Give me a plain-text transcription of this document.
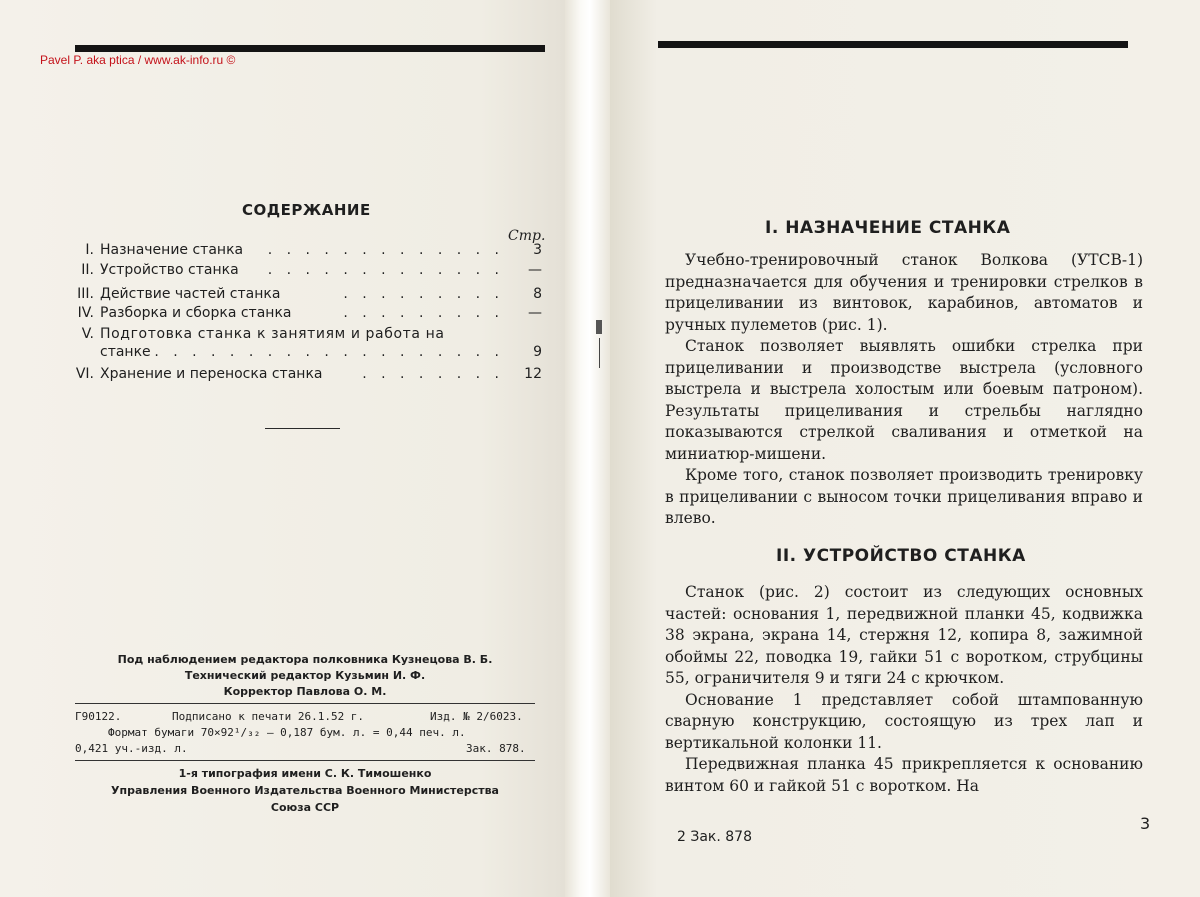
Pavel P. aka ptica / www.ak-info.ru ©
СОДЕРЖАНИЕ
Стр.
I. Назначение станка . . . . . . . . . . . . . 3
II. Устройство станка . . . . . . . . . . . . . —
III. Действие частей станка	. . . . . . . . . 8
IV. Разборка и сборка станка	. . . . . . . . . —
V. Подготовка станка к занятиям и работа на
станке . . . . . . . . . . . . . . . . . . . 9
VI. Хранение и переноска станка	. . . . . . . . 12
Под наблюдением редактора полковника Кузнецова В. Б.
Технический редактор Кузьмин И. Ф.
Корректор Павлова О. М.
Г90122.	Подписано к печати 26.1.52 г.	Изд. № 2/6023.
Формат бумаги 70×92¹/₃₂ — 0,187 бум. л. = 0,44 печ. л.
0,421 уч.-изд. л.	Зак. 878.
1-я типография имени С. К. Тимошенко
Управления Военного Издательства Военного Министерства
Союза ССР
I. НАЗНАЧЕНИЕ СТАНКА

Учебно-тренировочный станок Волкова (УТСВ-1) предназначается для обучения и тренировки стрелков в прицеливании из винтовок, карабинов, автоматов и ручных пулеметов (рис. 1).

Станок позволяет выявлять ошибки стрелка при прицеливании и производстве выстрела (условного выстрела и выстрела холостым или боевым патроном). Результаты прицеливания и стрельбы наглядно показываются стрелкой сваливания и отметкой на миниатюр-мишени.

Кроме того, станок позволяет производить тренировку в прицеливании с выносом точки прицеливания вправо и влево.

II. УСТРОЙСТВО СТАНКА

Станок (рис. 2) состоит из следующих основных частей: основания 1, передвижной планки 45, кодвижка 38 экрана, экрана 14, стержня 12, копира 8, зажимной обоймы 22, поводка 19, гайки 51 с воротком, струбцины 55, ограничителя 9 и тяги 24 с крючком.

Основание 1 представляет собой штампованную сварную конструкцию, состоящую из трех лап и вертикальной колонки 11.

Передвижная планка 45 прикрепляется к основанию винтом 60 и гайкой 51 с воротком. На

2 Зак. 878
3
